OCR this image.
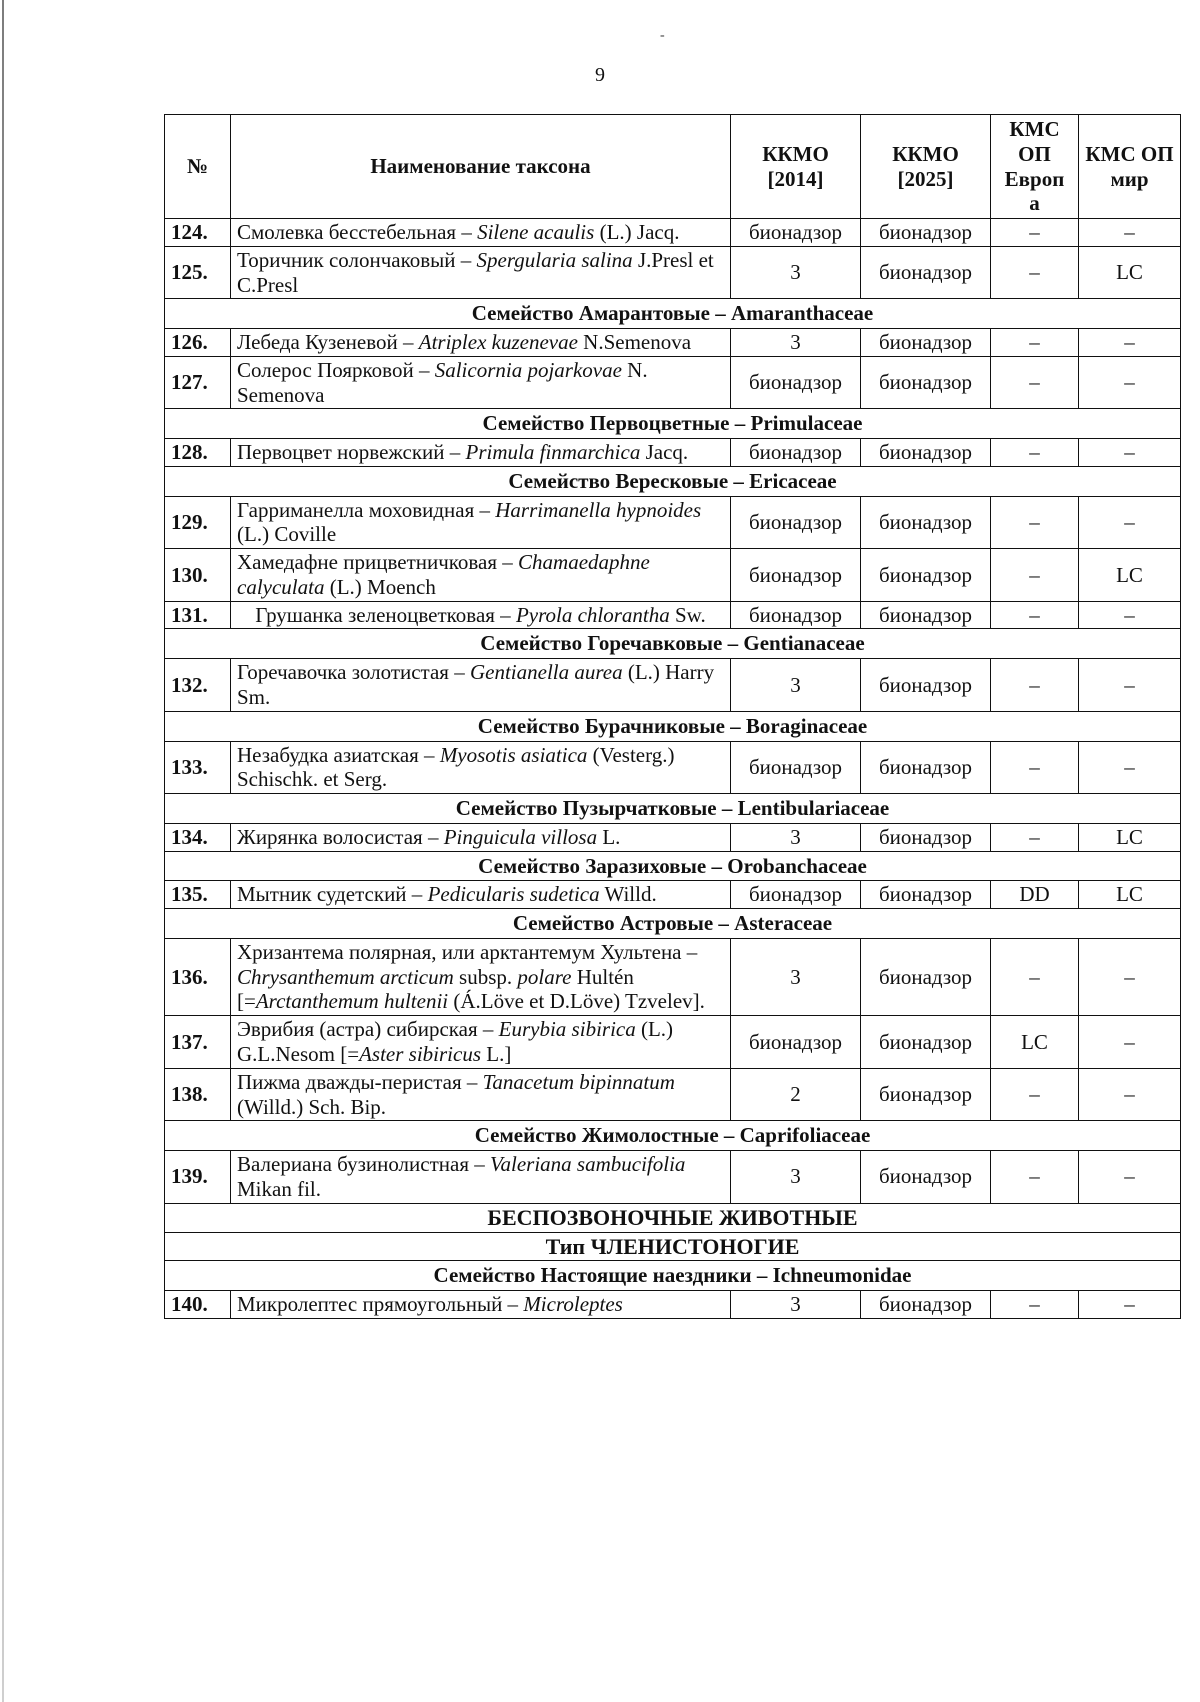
-
9
№	Наименование таксона	ККМО [2014]	ККМО [2025]	КМС ОП Европ а	КМС ОП мир
124.	Смолевка бесстебельная – Silene acaulis (L.) Jacq.	бионадзор	бионадзор	–	–
125.	Торичник солончаковый – Spergularia salina J.Presl et C.Presl	3	бионадзор	–	LC
Семейство Амарантовые – Amaranthaceae					
126.	Лебеда Кузеневой – Atriplex kuzenevae N.Semenova	3	бионадзор	–	–
127.	Солерос Поярковой – Salicornia pojarkovae N. Semenova	бионадзор	бионадзор	–	–
Семейство Первоцветные – Primulaceae					
128.	Первоцвет норвежский – Primula finmarchica Jacq.	бионадзор	бионадзор	–	–
Семейство Вересковые – Ericaceae					
129.	Гарриманелла моховидная – Harrimanella hypnoides (L.) Coville	бионадзор	бионадзор	–	–
130.	Хамедафне прицветничковая – Chamaedaphne calyculata (L.) Moench	бионадзор	бионадзор	–	LC
131.	Грушанка зеленоцветковая – Pyrola chlorantha Sw.	бионадзор	бионадзор	–	–
Семейство Горечавковые – Gentianaceae					
132.	Горечавочка золотистая – Gentianella aurea (L.) Harry Sm.	3	бионадзор	–	–
Семейство Бурачниковые – Boraginaceae					
133.	Незабудка азиатская – Myosotis asiatica (Vesterg.) Schischk. et Serg.	бионадзор	бионадзор	–	–
Семейство Пузырчатковые – Lentibulariaceae					
134.	Жирянка волосистая – Pinguicula villosa L.	3	бионадзор	–	LC
Семейство Заразиховые – Orobanchaceae					
135.	Мытник судетский – Pedicularis sudetica Willd.	бионадзор	бионадзор	DD	LC
Семейство Астровые – Asteraceae					
136.	Хризантема полярная, или арктантемум Хультена – Chrysanthemum arcticum subsp. polare Hultén [=Arctanthemum hultenii (Á.Löve et D.Löve) Tzvelev].	3	бионадзор	–	–
137.	Эврибия (астра) сибирская – Eurybia sibirica (L.) G.L.Nesom [=Aster sibiricus L.]	бионадзор	бионадзор	LC	–
138.	Пижма дважды-перистая – Tanacetum bipinnatum (Willd.) Sch. Bip.	2	бионадзор	–	–
Семейство Жимолостные – Caprifoliaceae					
139.	Валериана бузинолистная – Valeriana sambucifolia Mikan fil.	3	бионадзор	–	–
БЕСПОЗВОНОЧНЫЕ ЖИВОТНЫЕ					
Тип ЧЛЕНИСТОНОГИЕ					
Семейство Настоящие наездники – Ichneumonidae					
140.	Микролептес прямоугольный – Microleptes	3	бионадзор	–	–
